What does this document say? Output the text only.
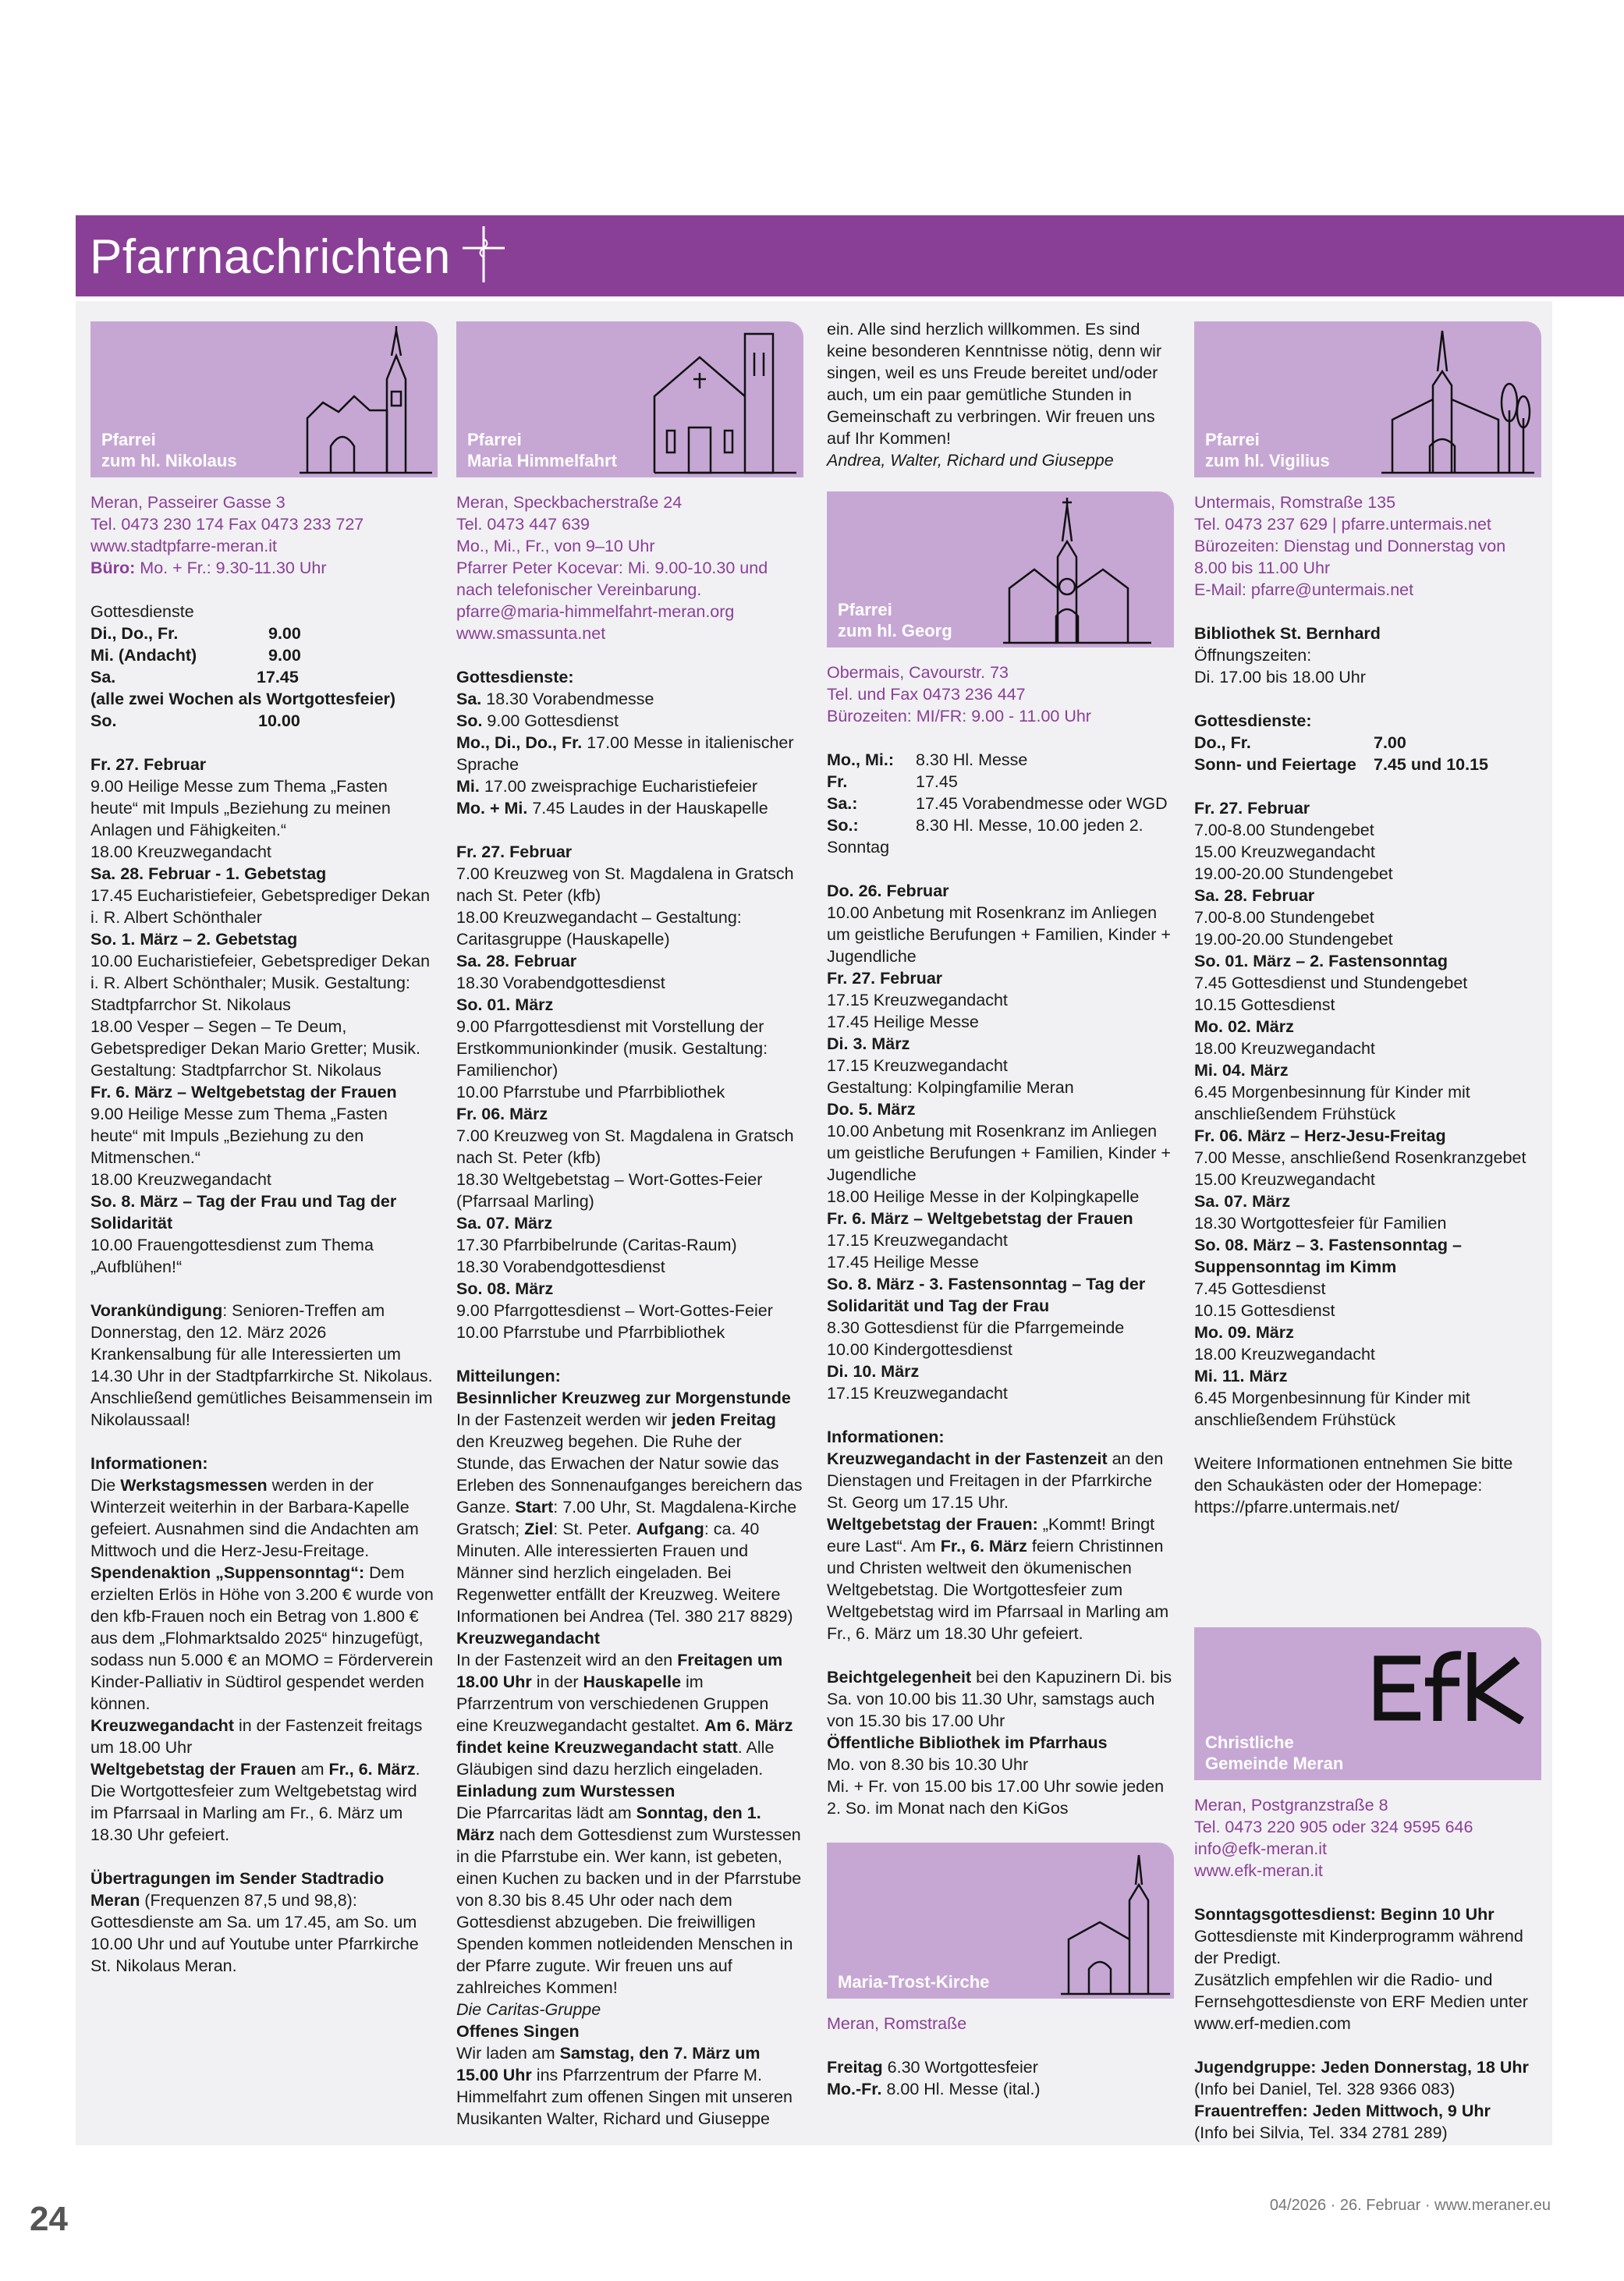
Pfarrnachrichten
Pfarrei
zum hl. Nikolaus

Meran, Passeirer Gasse 3

Tel. 0473 230 174 Fax 0473 233 727

www.stadtpfarre-meran.it

Büro: Mo. + Fr.: 9.30-11.30 Uhr

Gottesdienste

Di., Do., Fr.	9.00
Mi. (Andacht)	9.00
Sa.	17.45

(alle zwei Wochen als Wortgottesfeier)

So.	10.00

Fr. 27. Februar

9.00 Heilige Messe zum Thema „Fasten heute“ mit Impuls „Beziehung zu meinen Anlagen und Fähigkeiten.“
18.00 Kreuzwegandacht

Sa. 28. Februar - 1. Gebetstag

17.45 Eucharistiefeier, Gebetsprediger Dekan i. R. Albert Schönthaler

So. 1. März – 2. Gebetstag

10.00 Eucharistiefeier, Gebetsprediger Dekan i. R. Albert Schönthaler; Musik. Gestaltung: Stadtpfarrchor St. Nikolaus
18.00 Vesper – Segen – Te Deum, Gebetsprediger Dekan Mario Gretter; Musik. Gestaltung: Stadtpfarrchor St. Nikolaus

Fr. 6. März – Weltgebetstag der Frauen

9.00 Heilige Messe zum Thema „Fasten heute“ mit Impuls „Beziehung zu den Mitmenschen.“
18.00 Kreuzwegandacht

So. 8. März – Tag der Frau und Tag der Solidarität

10.00 Frauengottesdienst zum Thema „Aufblühen!“

Vorankündigung: Senioren-Treffen am Donnerstag, den 12. März 2026 Krankensalbung für alle Interessierten um 14.30 Uhr in der Stadtpfarrkirche St. Nikolaus. Anschließend gemütliches Beisammensein im Nikolaussaal!

Informationen:

Die Werkstagsmessen werden in der Winterzeit weiterhin in der Barbara-Kapelle gefeiert. Ausnahmen sind die Andachten am Mittwoch und die Herz-Jesu-Freitage.

Spendenaktion „Suppensonntag“: Dem erzielten Erlös in Höhe von 3.200 € wurde von den kfb-Frauen noch ein Betrag von 1.800 € aus dem „Flohmarktsaldo 2025“ hinzugefügt, sodass nun 5.000 € an MOMO = Förderverein Kinder-Palliativ in Südtirol gespendet werden können.

Kreuzwegandacht in der Fastenzeit freitags um 18.00 Uhr

Weltgebetstag der Frauen am Fr., 6. März. Die Wortgottesfeier zum Weltgebetstag wird im Pfarrsaal in Marling am Fr., 6. März um 18.30 Uhr gefeiert.

Übertragungen im Sender Stadtradio Meran (Frequenzen 87,5 und 98,8): Gottesdienste am Sa. um 17.45, am So. um 10.00 Uhr und auf Youtube unter Pfarrkirche St. Nikolaus Meran.

Pfarrei
Maria Himmelfahrt

Meran, Speckbacherstraße 24

Tel. 0473 447 639

Mo., Mi., Fr., von 9–10 Uhr

Pfarrer Peter Kocevar: Mi. 9.00-10.30 und nach telefonischer Vereinbarung.

pfarre@maria-himmelfahrt-meran.org

www.smassunta.net

Gottesdienste:

Sa. 18.30 Vorabendmesse

So. 9.00 Gottesdienst

Mo., Di., Do., Fr. 17.00 Messe in italienischer Sprache

Mi. 17.00 zweisprachige Eucharistiefeier

Mo. + Mi. 7.45 Laudes in der Hauskapelle

Fr. 27. Februar

7.00 Kreuzweg von St. Magdalena in Gratsch nach St. Peter (kfb)
18.00 Kreuzwegandacht – Gestaltung: Caritasgruppe (Hauskapelle)

Sa. 28. Februar

18.30 Vorabendgottesdienst

So. 01. März

9.00 Pfarrgottesdienst mit Vorstellung der Erstkommunionkinder (musik. Gestaltung: Familienchor)
10.00 Pfarrstube und Pfarrbibliothek

Fr. 06. März

7.00 Kreuzweg von St. Magdalena in Gratsch nach St. Peter (kfb)
18.30 Weltgebetstag – Wort-Gottes-Feier (Pfarrsaal Marling)

Sa. 07. März

17.30 Pfarrbibelrunde (Caritas-Raum)
18.30 Vorabendgottesdienst

So. 08. März

9.00 Pfarrgottesdienst – Wort-Gottes-Feier
10.00 Pfarrstube und Pfarrbibliothek

Mitteilungen:

Besinnlicher Kreuzweg zur Morgenstunde

In der Fastenzeit werden wir jeden Freitag den Kreuzweg begehen. Die Ruhe der Stunde, das Erwachen der Natur sowie das Erleben des Sonnenaufganges bereichern das Ganze. Start: 7.00 Uhr, St. Magdalena-Kirche Gratsch; Ziel: St. Peter. Aufgang: ca. 40 Minuten. Alle interessierten Frauen und Männer sind herzlich eingeladen. Bei Regenwetter entfällt der Kreuzweg. Weitere Informationen bei Andrea (Tel. 380 217 8829)

Kreuzwegandacht

In der Fastenzeit wird an den Freitagen um 18.00 Uhr in der Hauskapelle im Pfarrzentrum von verschiedenen Gruppen eine Kreuzwegandacht gestaltet. Am 6. März findet keine Kreuzwegandacht statt. Alle Gläubigen sind dazu herzlich eingeladen.

Einladung zum Wurstessen

Die Pfarrcaritas lädt am Sonntag, den 1. März nach dem Gottesdienst zum Wurstessen in die Pfarrstube ein. Wer kann, ist gebeten, einen Kuchen zu backen und in der Pfarrstube von 8.30 bis 8.45 Uhr oder nach dem Gottesdienst abzugeben. Die freiwilligen Spenden kommen notleidenden Menschen in der Pfarre zugute. Wir freuen uns auf zahlreiches Kommen!

Die Caritas-Gruppe

Offenes Singen

Wir laden am Samstag, den 7. März um 15.00 Uhr ins Pfarrzentrum der Pfarre M. Himmelfahrt zum offenen Singen mit unseren Musikanten Walter, Richard und Giuseppe

ein. Alle sind herzlich willkommen. Es sind keine besonderen Kenntnisse nötig, denn wir singen, weil es uns Freude bereitet und/oder auch, um ein paar gemütliche Stunden in Gemeinschaft zu verbringen. Wir freuen uns auf Ihr Kommen!

Andrea, Walter, Richard und Giuseppe

Pfarrei
zum hl. Georg

Obermais, Cavourstr. 73

Tel. und Fax 0473 236 447

Bürozeiten: MI/FR: 9.00 - 11.00 Uhr

Mo., Mi.:	8.30 Hl. Messe
Fr.	17.45
Sa.:	17.45 Vorabendmesse oder WGD
So.:	8.30 Hl. Messe, 10.00 jeden 2.

Sonntag

Do. 26. Februar

10.00 Anbetung mit Rosenkranz im Anliegen um geistliche Berufungen + Familien, Kinder + Jugendliche

Fr. 27. Februar

17.15 Kreuzwegandacht
17.45 Heilige Messe

Di. 3. März

17.15 Kreuzwegandacht
Gestaltung: Kolpingfamilie Meran

Do. 5. März

10.00 Anbetung mit Rosenkranz im Anliegen um geistliche Berufungen + Familien, Kinder + Jugendliche
18.00 Heilige Messe in der Kolpingkapelle

Fr. 6. März – Weltgebetstag der Frauen

17.15 Kreuzwegandacht
17.45 Heilige Messe

So. 8. März - 3. Fastensonntag – Tag der Solidarität und Tag der Frau

8.30 Gottesdienst für die Pfarrgemeinde
10.00 Kindergottesdienst

Di. 10. März

17.15 Kreuzwegandacht

Informationen:

Kreuzwegandacht in der Fastenzeit an den Dienstagen und Freitagen in der Pfarrkirche St. Georg um 17.15 Uhr.

Weltgebetstag der Frauen: „Kommt! Bringt eure Last“. Am Fr., 6. März feiern Christinnen und Christen weltweit den ökumenischen Weltgebetstag. Die Wortgottesfeier zum Weltgebetstag wird im Pfarrsaal in Marling am Fr., 6. März um 18.30 Uhr gefeiert.

Beichtgelegenheit bei den Kapuzinern Di. bis Sa. von 10.00 bis 11.30 Uhr, samstags auch von 15.30 bis 17.00 Uhr

Öffentliche Bibliothek im Pfarrhaus

Mo. von 8.30 bis 10.30 Uhr
Mi. + Fr. von 15.00 bis 17.00 Uhr sowie jeden 2. So. im Monat nach den KiGos

Maria-Trost-Kirche

Meran, Romstraße

Freitag 6.30 Wortgottesfeier

Mo.-Fr. 8.00 Hl. Messe (ital.)

Pfarrei
zum hl. Vigilius

Untermais, Romstraße 135

Tel. 0473 237 629 | pfarre.untermais.net

Bürozeiten: Dienstag und Donnerstag von 8.00 bis 11.00 Uhr

E-Mail: pfarre@untermais.net

Bibliothek St. Bernhard

Öffnungszeiten:
Di. 17.00 bis 18.00 Uhr

Gottesdienste:

Do., Fr.	7.00
Sonn- und Feiertage	7.45 und 10.15

Fr. 27. Februar

7.00-8.00 Stundengebet
15.00 Kreuzwegandacht
19.00-20.00 Stundengebet

Sa. 28. Februar

7.00-8.00 Stundengebet
19.00-20.00 Stundengebet

So. 01. März – 2. Fastensonntag

7.45 Gottesdienst und Stundengebet
10.15 Gottesdienst

Mo. 02. März

18.00 Kreuzwegandacht

Mi. 04. März

6.45 Morgenbesinnung für Kinder mit anschließendem Frühstück

Fr. 06. März – Herz-Jesu-Freitag

7.00 Messe, anschließend Rosenkranzgebet
15.00 Kreuzwegandacht

Sa. 07. März

18.30 Wortgottesfeier für Familien

So. 08. März – 3. Fastensonntag – Suppensonntag im Kimm

7.45 Gottesdienst
10.15 Gottesdienst

Mo. 09. März

18.00 Kreuzwegandacht

Mi. 11. März

6.45 Morgenbesinnung für Kinder mit anschließendem Frühstück

Weitere Informationen entnehmen Sie bitte den Schaukästen oder der Homepage: https://pfarre.untermais.net/

Christliche
Gemeinde Meran

Meran, Postgranzstraße 8

Tel. 0473 220 905 oder 324 9595 646

info@efk-meran.it

www.efk-meran.it

Sonntagsgottesdienst: Beginn 10 Uhr

Gottesdienste mit Kinderprogramm während der Predigt.
Zusätzlich empfehlen wir die Radio- und Fernsehgottesdienste von ERF Medien unter www.erf-medien.com

Jugendgruppe: Jeden Donnerstag, 18 Uhr

(Info bei Daniel, Tel. 328 9366 083)

Frauentreffen: Jeden Mittwoch, 9 Uhr

(Info bei Silvia, Tel. 334 2781 289)

24	04/2026 · 26. Februar · www.meraner.eu
